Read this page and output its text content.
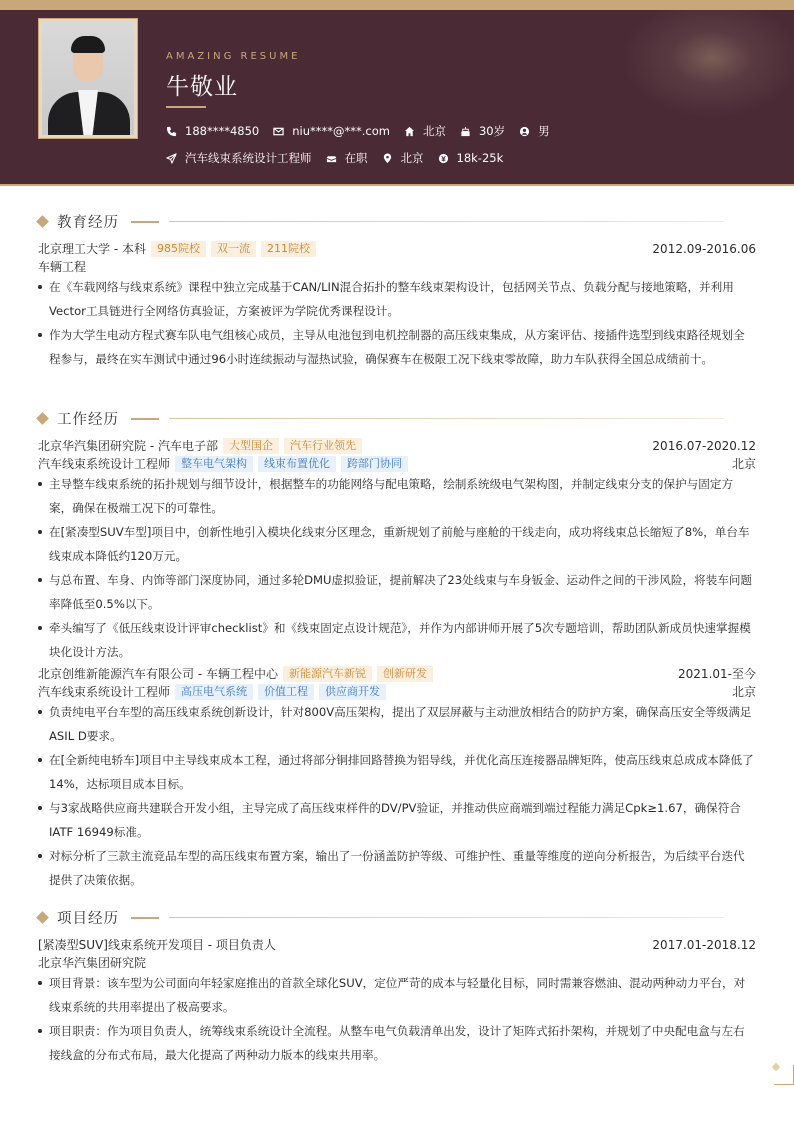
AMAZING RESUME
牛敬业
188****4850	niu****@***.com	北京	30岁	男
汽车线束系统设计工程师	在职	北京	18k-25k
教育经历
北京理工大学 - 本科	985院校	双一流	211院校	2012.09-2016.06
车辆工程
在《车载网络与线束系统》课程中独立完成基于CAN/LIN混合拓扑的整车线束架构设计，包括网关节点、负载分配与接地策略，并利用Vector工具链进行全网络仿真验证，方案被评为学院优秀课程设计。
作为大学生电动方程式赛车队电气组核心成员，主导从电池包到电机控制器的高压线束集成，从方案评估、接插件选型到线束路径规划全程参与，最终在实车测试中通过96小时连续振动与湿热试验，确保赛车在极限工况下线束零故障，助力车队获得全国总成绩前十。
工作经历
北京华汽集团研究院 - 汽车电子部	大型国企	汽车行业领先	2016.07-2020.12
汽车线束系统设计工程师	整车电气架构	线束布置优化	跨部门协同	北京
主导整车线束系统的拓扑规划与细节设计，根据整车的功能网络与配电策略，绘制系统级电气架构图，并制定线束分支的保护与固定方案，确保在极端工况下的可靠性。
在[紧凑型SUV车型]项目中，创新性地引入模块化线束分区理念，重新规划了前舱与座舱的干线走向，成功将线束总长缩短了8%，单台车线束成本降低约120万元。
与总布置、车身、内饰等部门深度协同，通过多轮DMU虚拟验证，提前解决了23处线束与车身钣金、运动件之间的干涉风险，将装车问题率降低至0.5%以下。
牵头编写了《低压线束设计评审checklist》和《线束固定点设计规范》，并作为内部讲师开展了5次专题培训，帮助团队新成员快速掌握模块化设计方法。
北京创维新能源汽车有限公司 - 车辆工程中心	新能源汽车新锐	创新研发	2021.01-至今
汽车线束系统设计工程师	高压电气系统	价值工程	供应商开发	北京
负责纯电平台车型的高压线束系统创新设计，针对800V高压架构，提出了双层屏蔽与主动泄放相结合的防护方案，确保高压安全等级满足ASIL D要求。
在[全新纯电轿车]项目中主导线束成本工程，通过将部分铜排回路替换为铝导线，并优化高压连接器品牌矩阵，使高压线束总成成本降低了14%，达标项目成本目标。
与3家战略供应商共建联合开发小组，主导完成了高压线束样件的DV/PV验证，并推动供应商端到端过程能力满足Cpk≥1.67，确保符合IATF 16949标准。
对标分析了三款主流竞品车型的高压线束布置方案，输出了一份涵盖防护等级、可维护性、重量等维度的逆向分析报告，为后续平台迭代提供了决策依据。
项目经历
[紧凑型SUV]线束系统开发项目 - 项目负责人	2017.01-2018.12
北京华汽集团研究院
项目背景：该车型为公司面向年轻家庭推出的首款全球化SUV，定位严苛的成本与轻量化目标，同时需兼容燃油、混动两种动力平台，对线束系统的共用率提出了极高要求。
项目职责：作为项目负责人，统筹线束系统设计全流程。从整车电气负载清单出发，设计了矩阵式拓扑架构，并规划了中央配电盒与左右接线盒的分布式布局，最大化提高了两种动力版本的线束共用率。
